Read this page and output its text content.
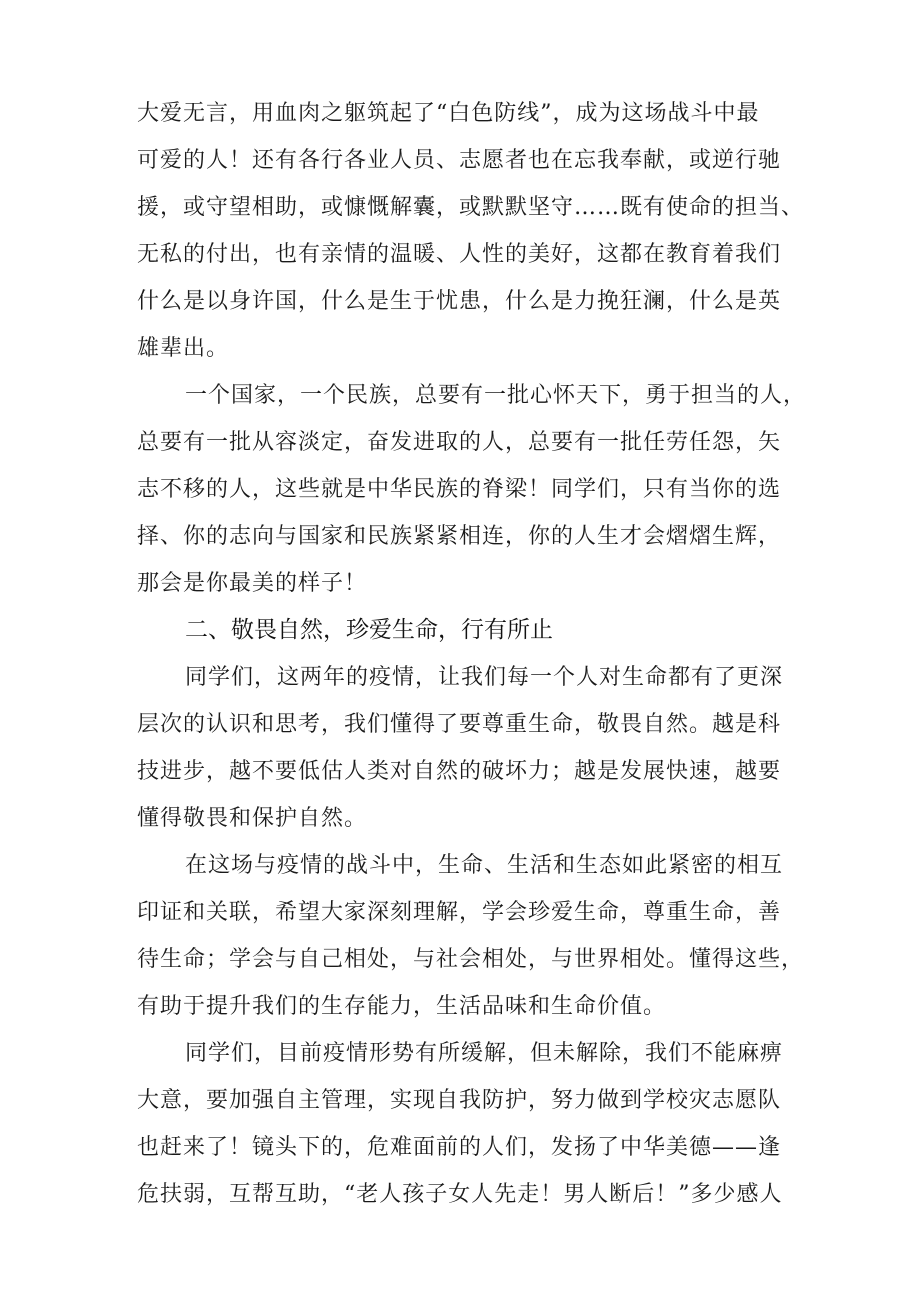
大爱无言，用血肉之躯筑起了“白色防线”，成为这场战斗中最
可爱的人！还有各行各业人员、志愿者也在忘我奉献，或逆行驰
援，或守望相助，或慷慨解囊，或默默坚守……既有使命的担当、
无私的付出，也有亲情的温暖、人性的美好，这都在教育着我们
什么是以身许国，什么是生于忧患，什么是力挽狂澜，什么是英
雄辈出。
一个国家，一个民族，总要有一批心怀天下，勇于担当的人，
总要有一批从容淡定，奋发进取的人，总要有一批任劳任怨，矢
志不移的人，这些就是中华民族的脊梁！同学们，只有当你的选
择、你的志向与国家和民族紧紧相连，你的人生才会熠熠生辉，
那会是你最美的样子！
二、敬畏自然，珍爱生命，行有所止
同学们，这两年的疫情，让我们每一个人对生命都有了更深
层次的认识和思考，我们懂得了要尊重生命，敬畏自然。越是科
技进步，越不要低估人类对自然的破坏力；越是发展快速，越要
懂得敬畏和保护自然。
在这场与疫情的战斗中，生命、生活和生态如此紧密的相互
印证和关联，希望大家深刻理解，学会珍爱生命，尊重生命，善
待生命；学会与自己相处，与社会相处，与世界相处。懂得这些，
有助于提升我们的生存能力，生活品味和生命价值。
同学们，目前疫情形势有所缓解，但未解除，我们不能麻痹
大意，要加强自主管理，实现自我防护，努力做到学校灾志愿队
也赶来了！镜头下的，危难面前的人们，发扬了中华美德——逢
危扶弱，互帮互助，“老人孩子女人先走！男人断后！”多少感人
